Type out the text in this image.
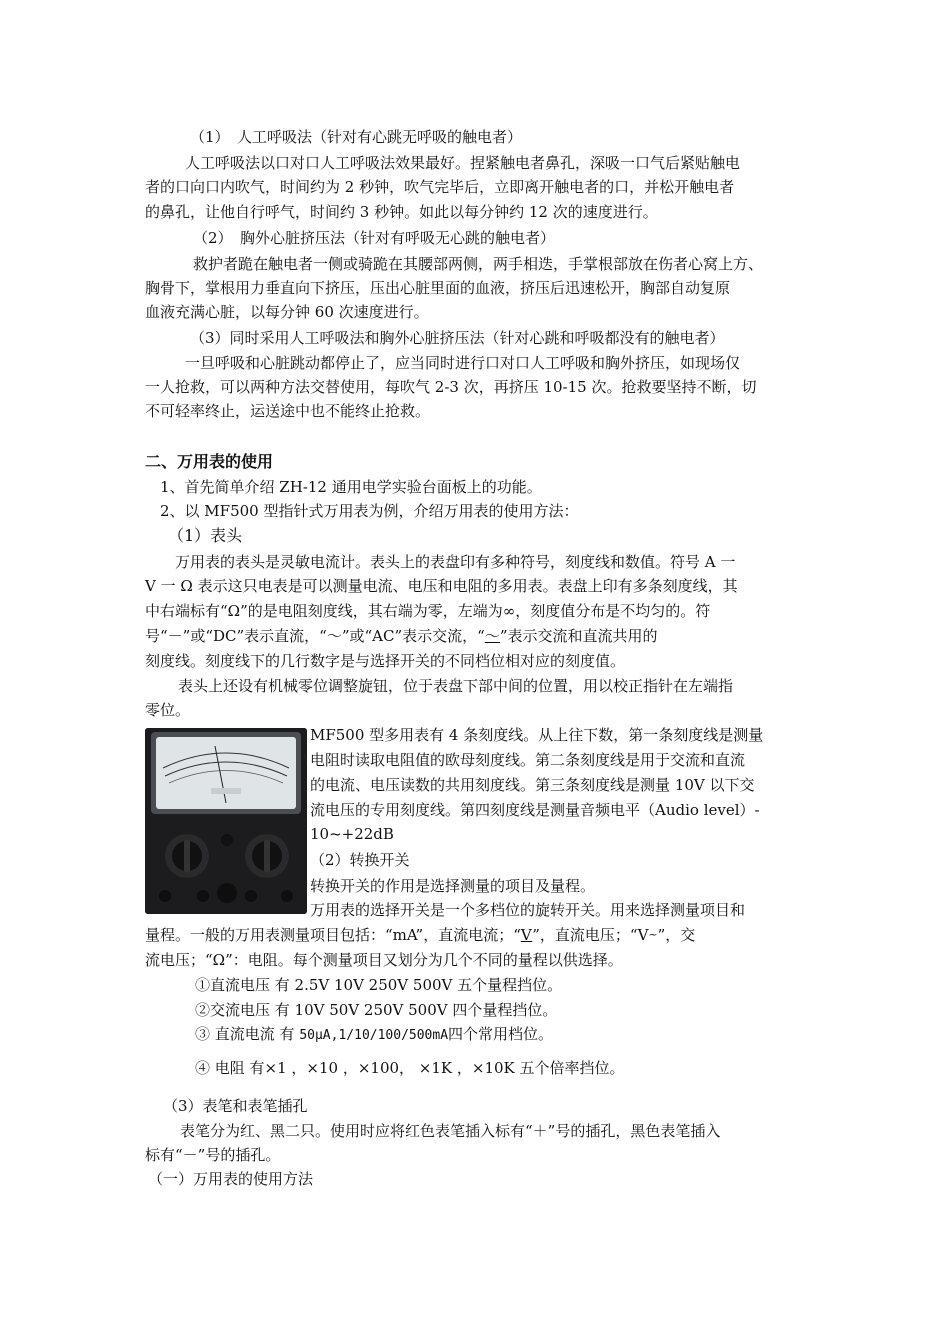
（1）　人工呼吸法（针对有心跳无呼吸的触电者）
人工呼吸法以口对口人工呼吸法效果最好。捏紧触电者鼻孔，深吸一口气后紧贴触电
者的口向口内吹气，时间约为 2 秒钟，吹气完毕后，立即离开触电者的口，并松开触电者
的鼻孔，让他自行呼气，时间约 3 秒钟。如此以每分钟约 12 次的速度进行。
（2）　胸外心脏挤压法（针对有呼吸无心跳的触电者）
救护者跪在触电者一侧或骑跪在其腰部两侧，两手相迭，手掌根部放在伤者心窝上方、
胸骨下，掌根用力垂直向下挤压，压出心脏里面的血液，挤压后迅速松开，胸部自动复原
血液充满心脏，以每分钟 60 次速度进行。
（3）同时采用人工呼吸法和胸外心脏挤压法（针对心跳和呼吸都没有的触电者）
一旦呼吸和心脏跳动都停止了，应当同时进行口对口人工呼吸和胸外挤压，如现场仅
一人抢救，可以两种方法交替使用，每吹气 2-3 次，再挤压 10-15 次。抢救要坚持不断，切
不可轻率终止，运送途中也不能终止抢救。
二、万用表的使用
1、首先简单介绍 ZH-12 通用电学实验台面板上的功能。
2、以 MF500 型指针式万用表为例，介绍万用表的使用方法：
（1）表头
万用表的表头是灵敏电流计。表头上的表盘印有多种符号，刻度线和数值。符号 A 一
V 一 Ω 表示这只电表是可以测量电流、电压和电阻的多用表。表盘上印有多条刻度线，其
中右端标有“Ω”的是电阻刻度线，其右端为零，左端为∞，刻度值分布是不均匀的。符
号“－”或“DC”表示直流，“～”或“AC”表示交流，“～”表示交流和直流共用的
刻度线。刻度线下的几行数字是与选择开关的不同档位相对应的刻度值。
表头上还设有机械零位调整旋钮，位于表盘下部中间的位置，用以校正指针在左端指
零位。
MF500 型多用表有 4 条刻度线。从上往下数，第一条刻度线是测量
电阻时读取电阻值的欧母刻度线。第二条刻度线是用于交流和直流
的电流、电压读数的共用刻度线。第三条刻度线是测量 10V 以下交
流电压的专用刻度线。第四刻度线是测量音频电平（Audio level）-
10~+22dB
（2）转换开关
转换开关的作用是选择测量的项目及量程。
万用表的选择开关是一个多档位的旋转开关。用来选择测量项目和
量程。一般的万用表测量项目包括：“mA”，直流电流；“V”，直流电压；“V~”，交
流电压；“Ω”：电阻。每个测量项目又划分为几个不同的量程以供选择。
①直流电压 有 2.5V 10V 250V 500V 五个量程挡位。
②交流电压 有 10V 50V 250V 500V 四个量程挡位。
③ 直流电流 有 50μA,1/10/100/500mA四个常用档位。
④ 电阻 有×1 ，×10 ，×100， ×1K ，×10K 五个倍率挡位。
（3）表笔和表笔插孔
表笔分为红、黑二只。使用时应将红色表笔插入标有“＋”号的插孔，黑色表笔插入
标有“－”号的插孔。
（一）万用表的使用方法
